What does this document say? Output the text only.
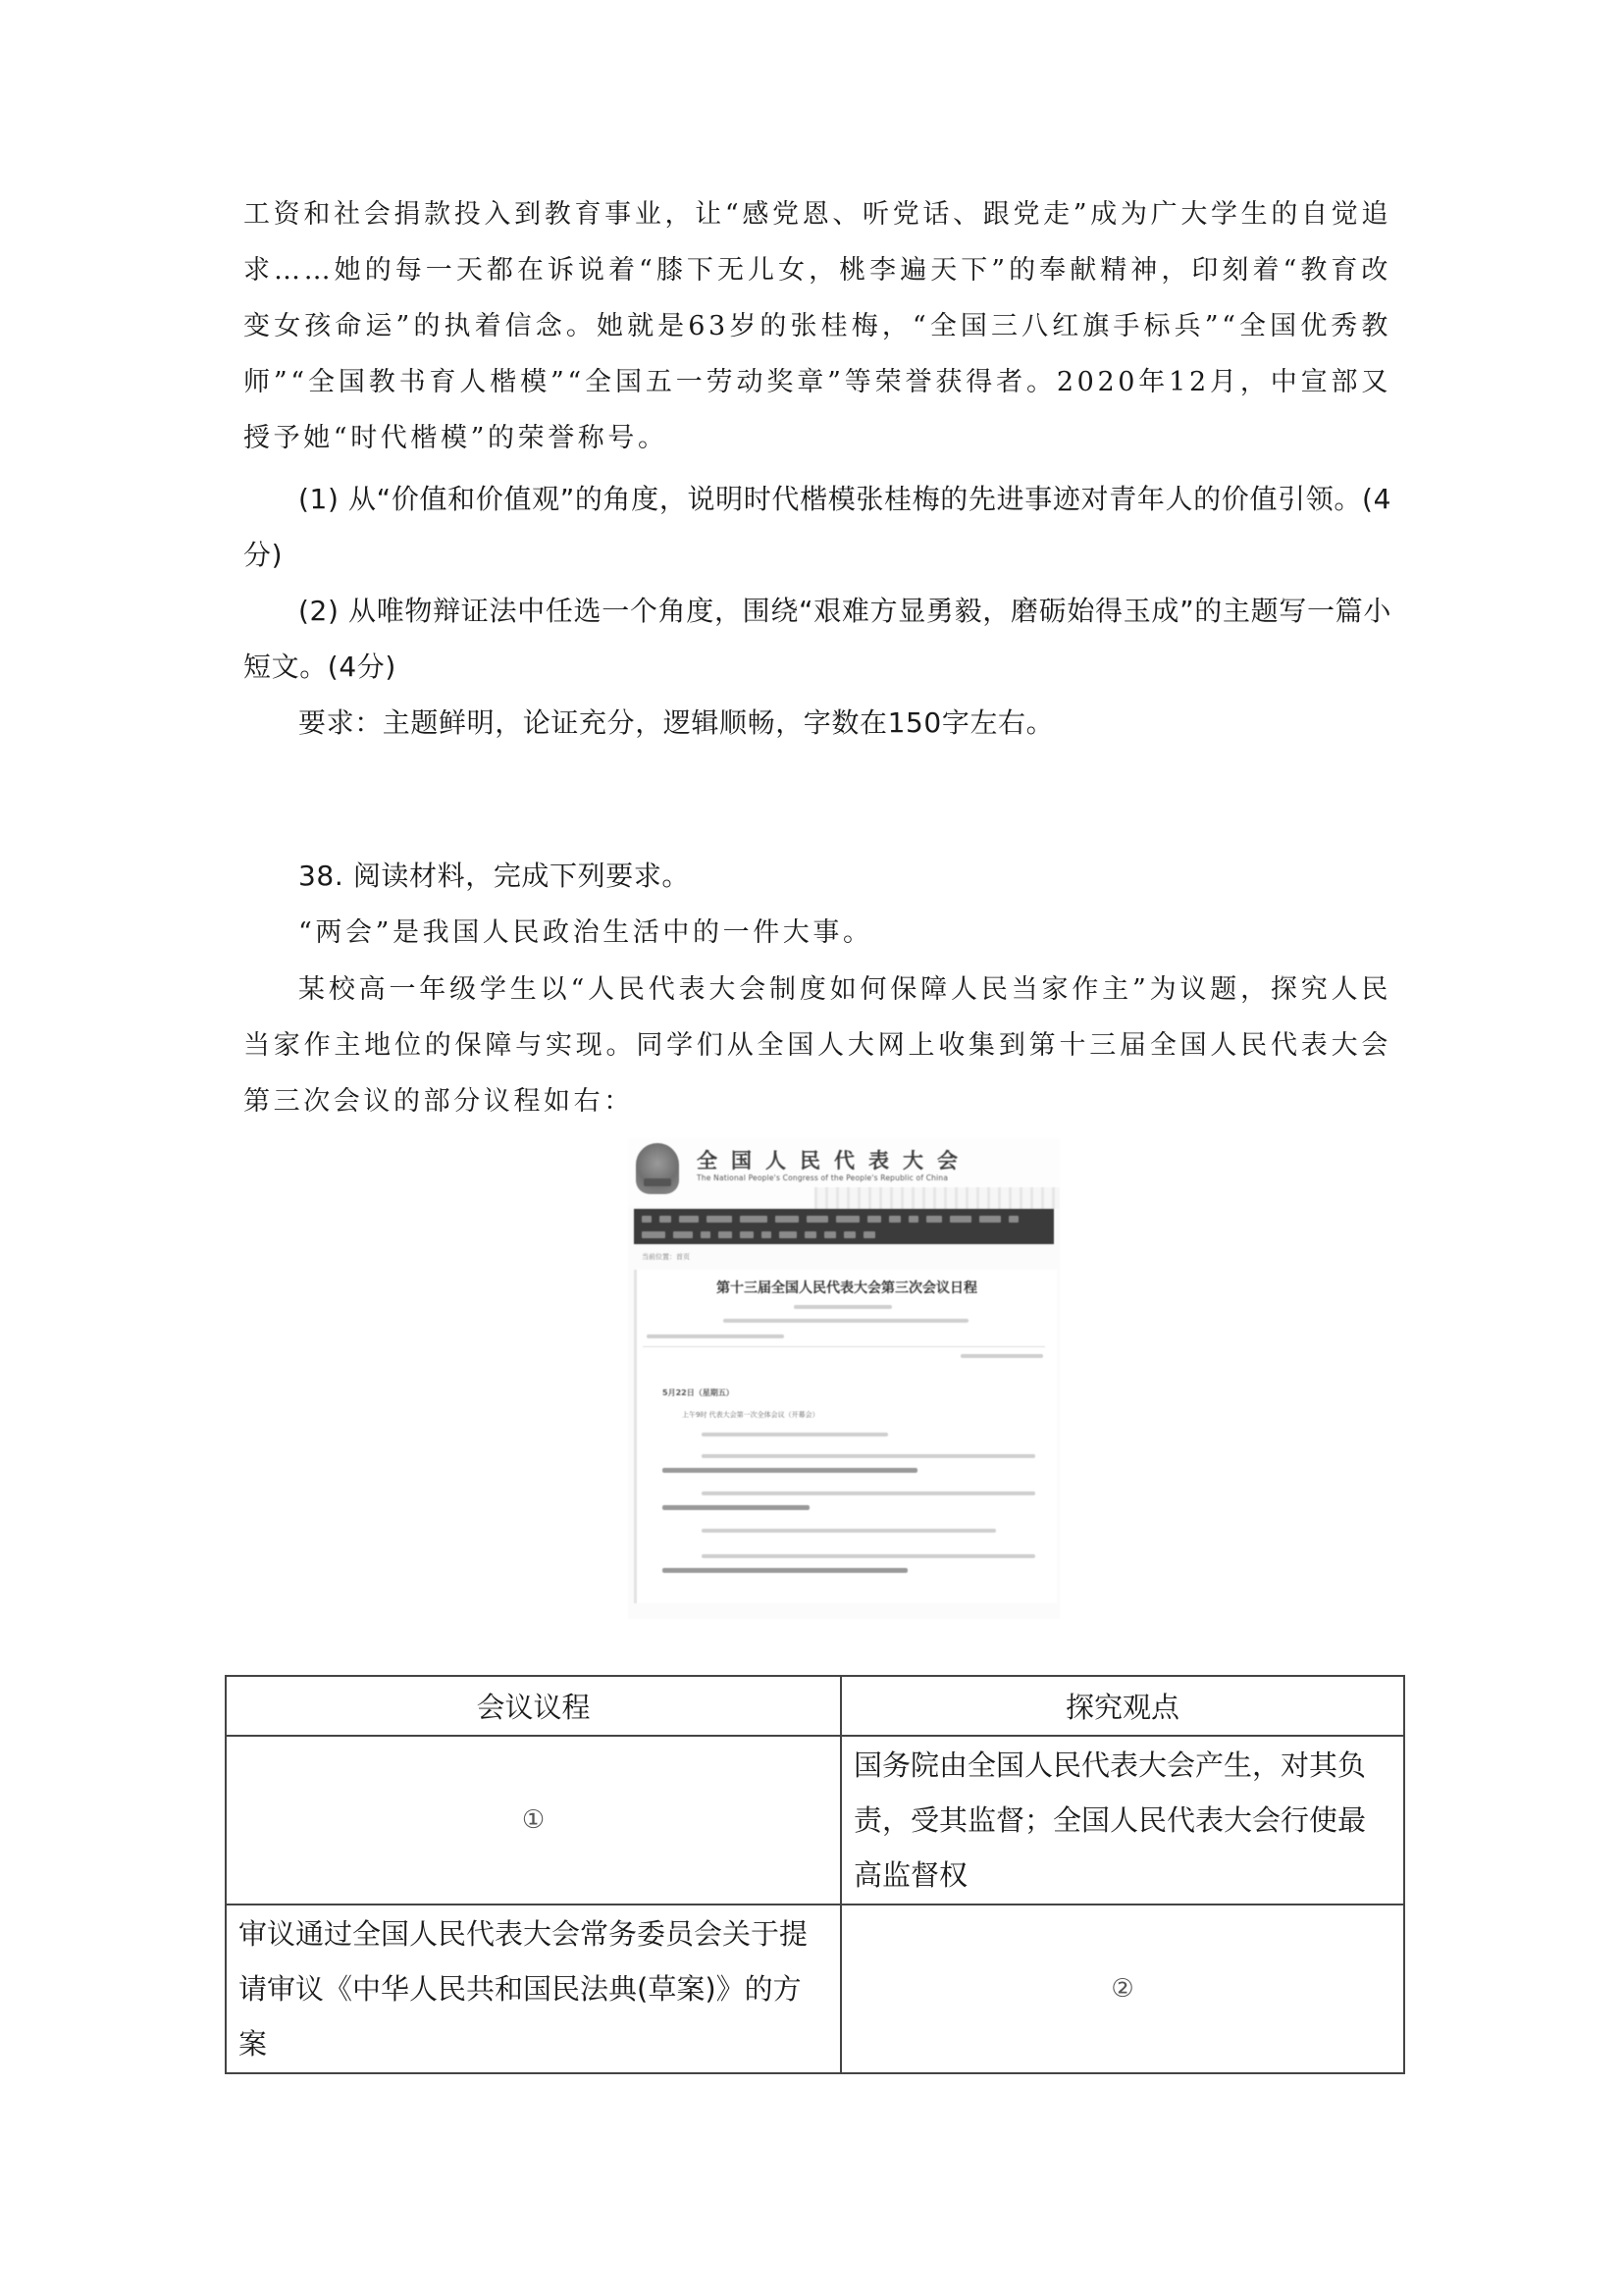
工资和社会捐款投入到教育事业，让“感党恩、听党话、跟党走”成为广大学生的自觉追求……她的每一天都在诉说着“膝下无儿女，桃李遍天下”的奉献精神，印刻着“教育改变女孩命运”的执着信念。她就是63岁的张桂梅，“全国三八红旗手标兵”“全国优秀教师”“全国教书育人楷模”“全国五一劳动奖章”等荣誉获得者。2020年12月，中宣部又授予她“时代楷模”的荣誉称号。
(1) 从“价值和价值观”的角度，说明时代楷模张桂梅的先进事迹对青年人的价值引领。(4分)
(2) 从唯物辩证法中任选一个角度，围绕“艰难方显勇毅，磨砺始得玉成”的主题写一篇小短文。(4分)
要求：主题鲜明，论证充分，逻辑顺畅，字数在150字左右。
38. 阅读材料，完成下列要求。
“两会”是我国人民政治生活中的一件大事。
某校高一年级学生以“人民代表大会制度如何保障人民当家作主”为议题，探究人民当家作主地位的保障与实现。同学们从全国人大网上收集到第十三届全国人民代表大会第三次会议的部分议程如右：
全国人民代表大会
The National People's Congress of the People's Republic of China
当前位置：首页
第十三届全国人民代表大会第三次会议日程
5月22日（星期五）
上午9时 代表大会第一次全体会议（开幕会）
会议议程	探究观点
①	国务院由全国人民代表大会产生，对其负责，受其监督；全国人民代表大会行使最高监督权
审议通过全国人民代表大会常务委员会关于提请审议《中华人民共和国民法典(草案)》的方案	②
